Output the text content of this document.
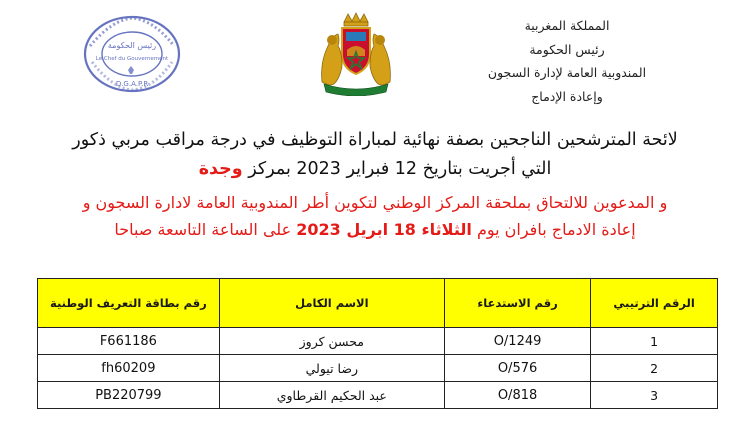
المملكة المغربية
رئيس الحكومة
المندوبية العامة لإدارة السجون
وإعادة الإدماج
رئيس الحكومة
Le Chef du Gouvernement
D.G.A.P.R
لائحة المترشحين الناجحين بصفة نهائية لمباراة التوظيف في درجة مراقب مربي ذكور
التي أجريت بتاريخ 12 فبراير 2023 بمركز وجدة
و المدعوين للالتحاق بملحقة المركز الوطني لتكوين أطر المندوبية العامة لادارة السجون و
إعادة الادماج بافران يوم الثلاثاء 18 ابريل 2023 على الساعة التاسعة صباحا
الرقم الترتيبي	رقم الاستدعاء	الاسم الكامل	رقم بطاقة التعريف الوطنية
1	O/1249	محسن كروز	F661186
2	O/576	رضا تيولي	fh60209
3	O/818	عبد الحكيم القرطاوي	PB220799
